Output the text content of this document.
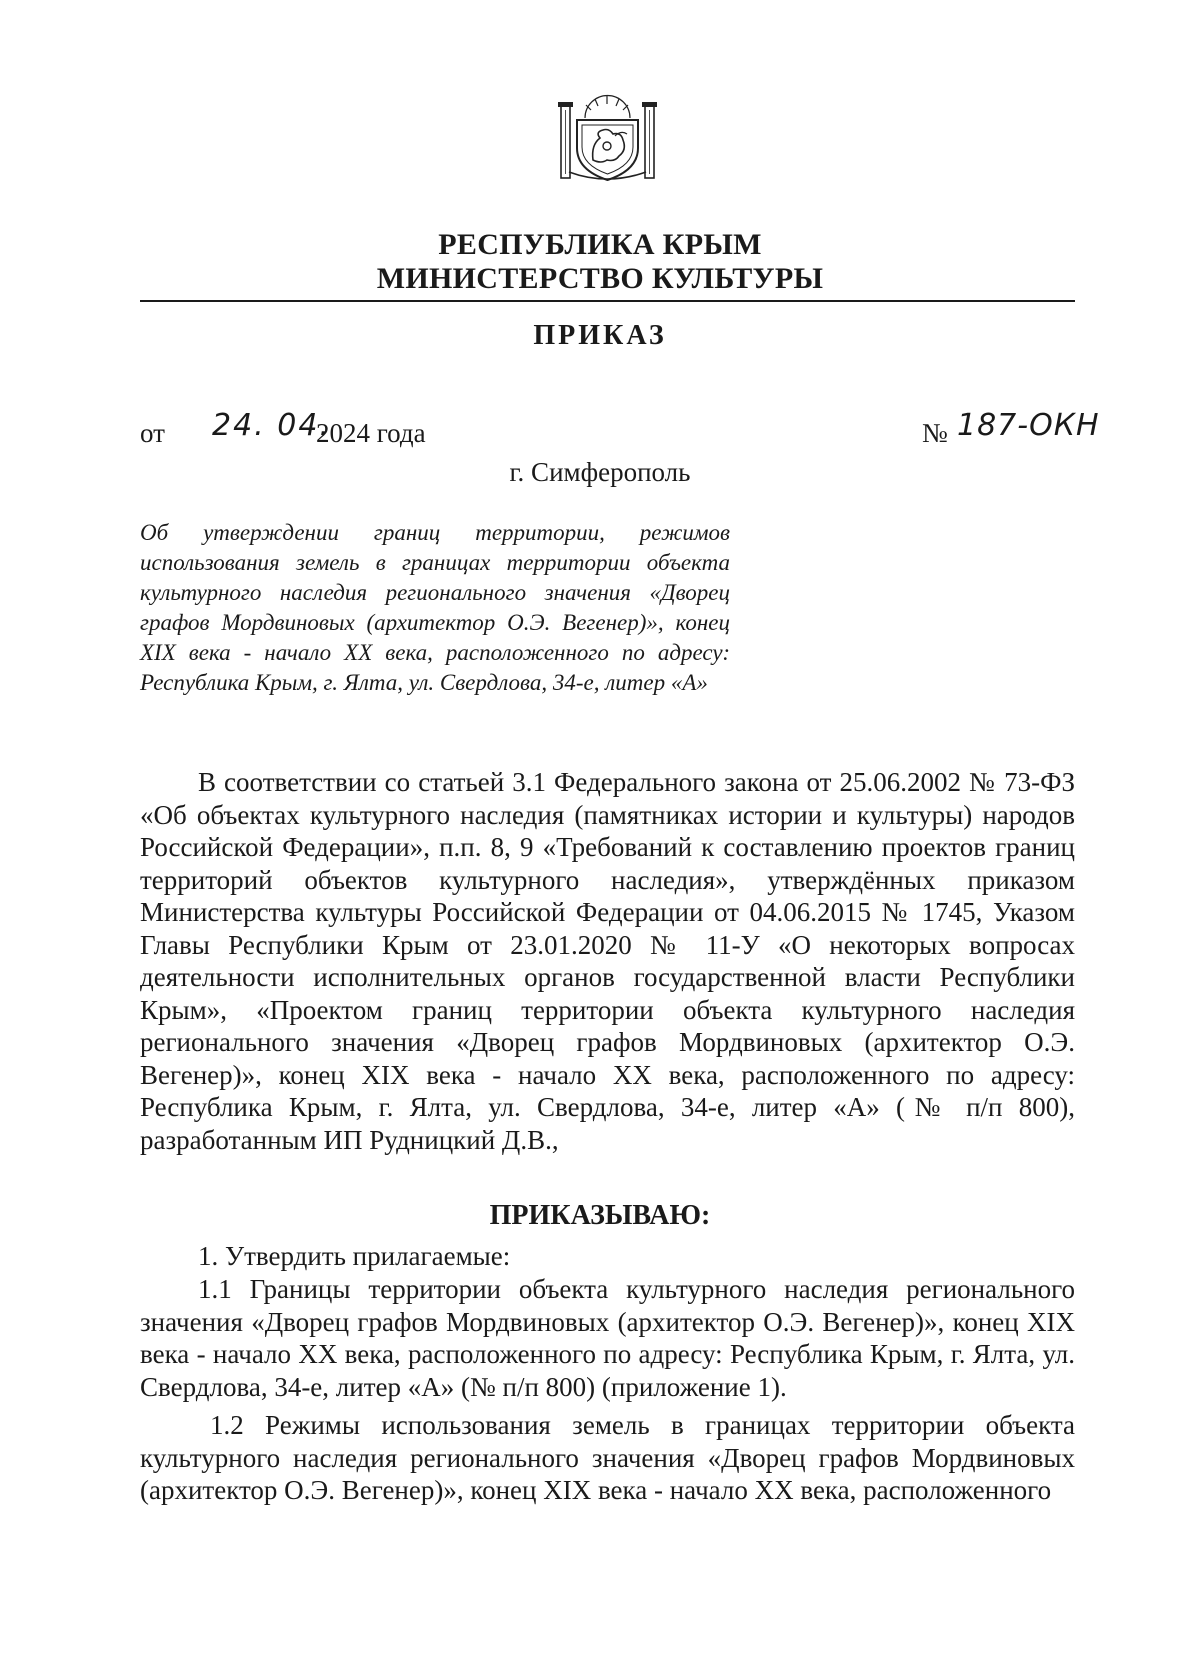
РЕСПУБЛИКА КРЫМ
МИНИСТЕРСТВО КУЛЬТУРЫ
ПРИКАЗ
от 24. 04.
2024 года	№ 187-ОКН
г. Симферополь
Об утверждении границ территории, режимов использования земель в границах территории объекта культурного наследия регионального значения «Дворец графов Мордвиновых (архитектор О.Э. Вегенер)», конец XIX века - начало XX века, расположенного по адресу: Республика Крым, г. Ялта, ул. Свердлова, 34-е, литер «А»

В соответствии со статьей 3.1 Федерального закона от 25.06.2002 № 73-ФЗ «Об объектах культурного наследия (памятниках истории и культуры) народов Российской Федерации», п.п. 8, 9 «Требований к составлению проектов границ территорий объектов культурного наследия», утверждённых приказом Министерства культуры Российской Федерации от 04.06.2015 № 1745, Указом Главы Республики Крым от 23.01.2020 № 11-У «О некоторых вопросах деятельности исполнительных органов государственной власти Республики Крым», «Проектом границ территории объекта культурного наследия регионального значения «Дворец графов Мордвиновых (архитектор О.Э. Вегенер)», конец XIX века - начало XX века, расположенного по адресу: Республика Крым, г. Ялта, ул. Свердлова, 34-е, литер «А» (№ п/п 800), разработанным ИП Рудницкий Д.В.,

ПРИКАЗЫВАЮ:

1. Утвердить прилагаемые:

1.1 Границы территории объекта культурного наследия регионального значения «Дворец графов Мордвиновых (архитектор О.Э. Вегенер)», конец XIX века - начало XX века, расположенного по адресу: Республика Крым, г. Ялта, ул. Свердлова, 34-е, литер «А» (№ п/п 800) (приложение 1).

1.2 Режимы использования земель в границах территории объекта культурного наследия регионального значения «Дворец графов Мордвиновых (архитектор О.Э. Вегенер)», конец XIX века - начало XX века, расположенного
